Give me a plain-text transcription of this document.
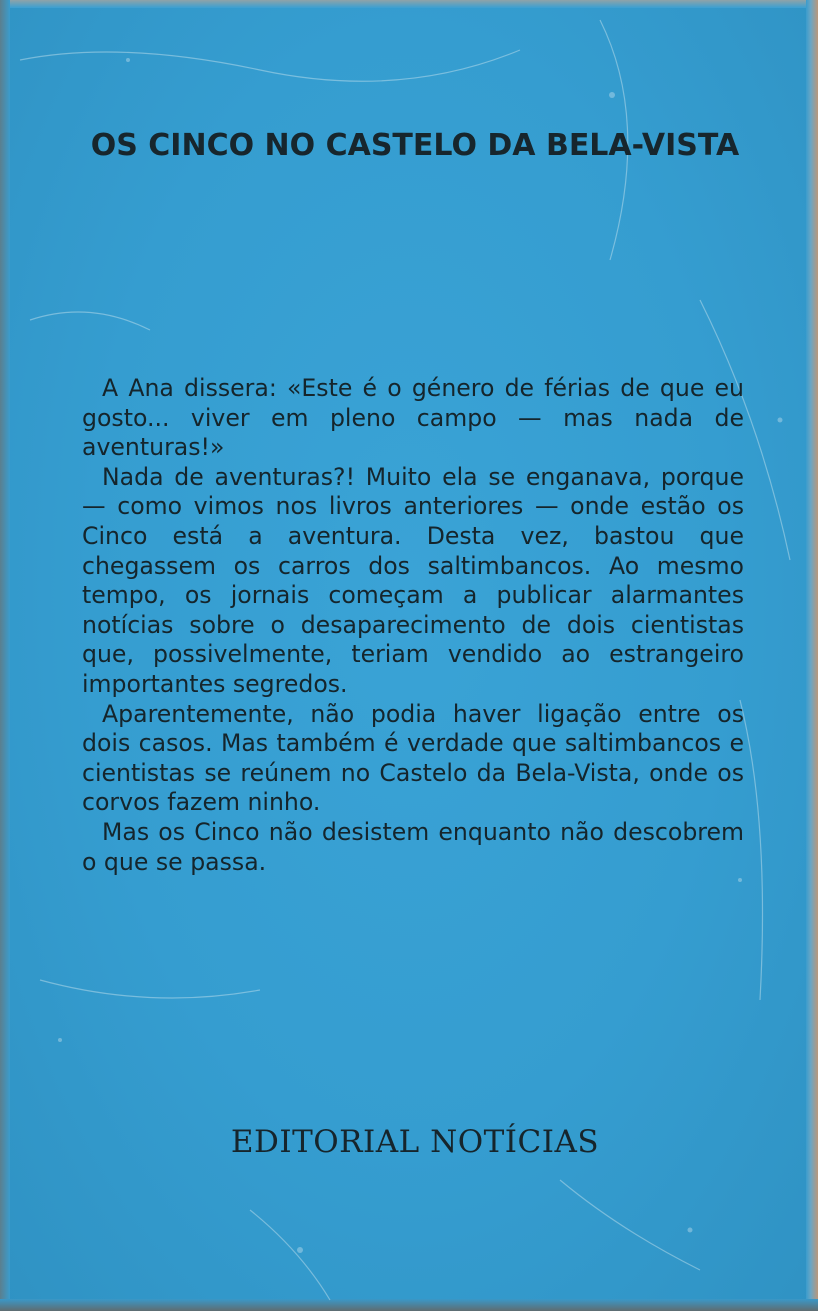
OS CINCO NO CASTELO DA BELA-VISTA

A Ana dissera: «Este é o género de férias de que eu gosto... viver em pleno campo — mas nada de aventuras!»

Nada de aventuras?! Muito ela se enganava, porque — como vimos nos livros anteriores — onde estão os Cinco está a aventura. Desta vez, bastou que chegassem os carros dos saltimbancos. Ao mesmo tempo, os jornais começam a publicar alarmantes notícias sobre o desaparecimento de dois cientistas que, possivelmente, teriam vendido ao estrangeiro importantes segredos.

Aparentemente, não podia haver ligação entre os dois casos. Mas também é verdade que saltimbancos e cientistas se reúnem no Castelo da Bela-Vista, onde os corvos fazem ninho.

Mas os Cinco não desistem enquanto não descobrem o que se passa.

EDITORIAL NOTÍCIAS
